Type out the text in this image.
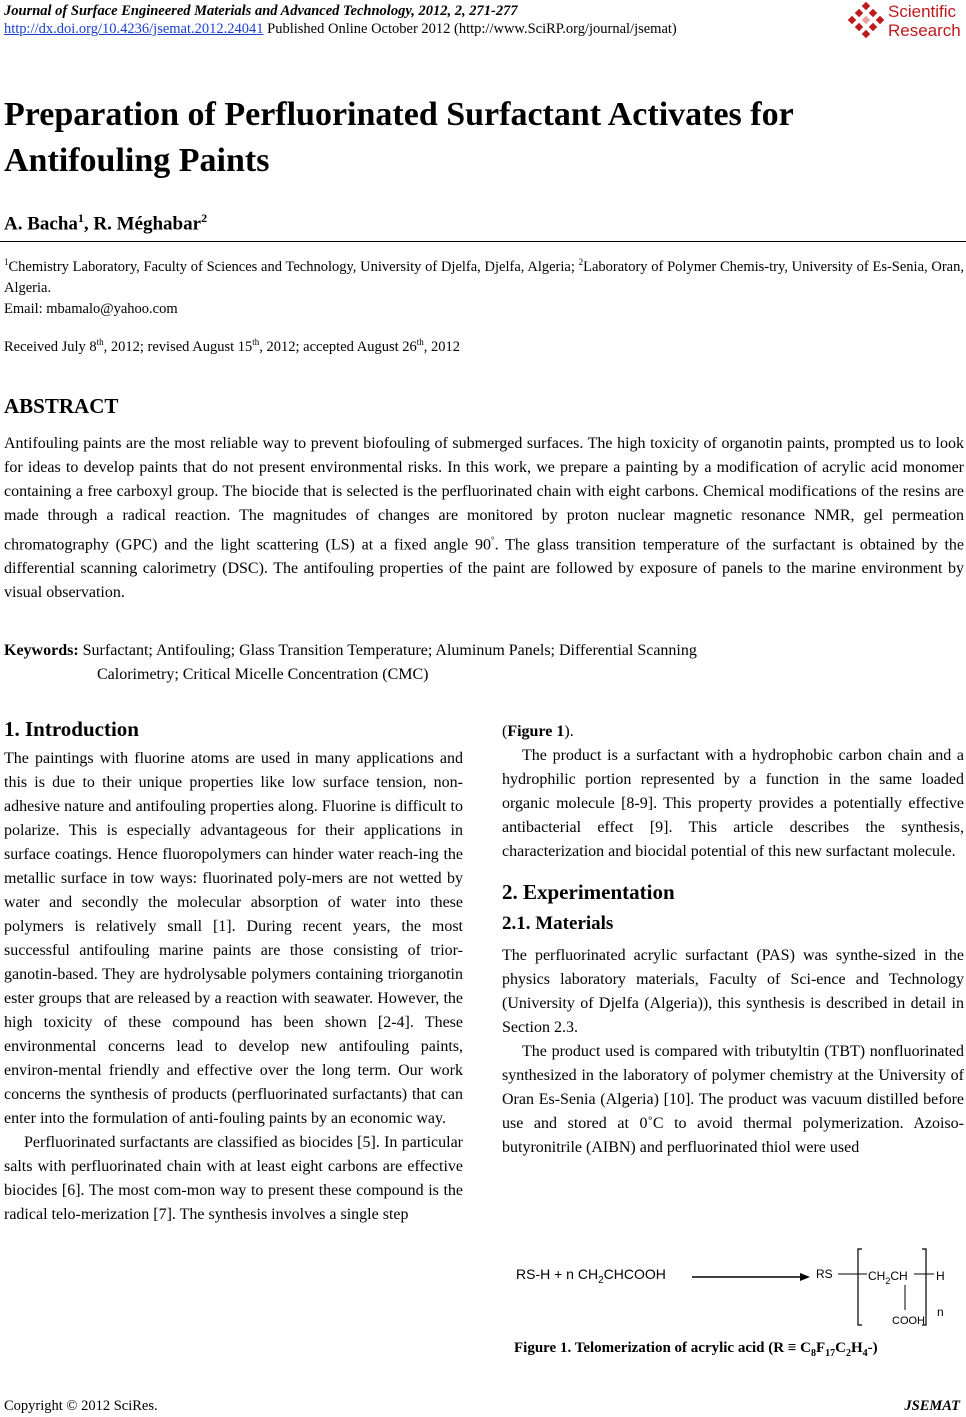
Journal of Surface Engineered Materials and Advanced Technology, 2012, 2, 271-277
http://dx.doi.org/10.4236/jsemat.2012.24041 Published Online October 2012 (http://www.SciRP.org/journal/jsemat)
Scientific
Research
Preparation of Perfluorinated Surfactant Activates for Antifouling Paints
A. Bacha$^1$, R. Méghabar$^2$
$^1$Chemistry Laboratory, Faculty of Sciences and Technology, University of Djelfa, Djelfa, Algeria; $^2$Laboratory of Polymer Chemis-try, University of Es-Senia, Oran, Algeria.
Email: mbamalo@yahoo.com
Received July 8th, 2012; revised August 15th, 2012; accepted August 26th, 2012
ABSTRACT
Antifouling paints are the most reliable way to prevent biofouling of submerged surfaces. The high toxicity of organotin paints, prompted us to look for ideas to develop paints that do not present environmental risks. In this work, we prepare a painting by a modification of acrylic acid monomer containing a free carboxyl group. The biocide that is selected is the perfluorinated chain with eight carbons. Chemical modifications of the resins are made through a radical reaction. The magnitudes of changes are monitored by proton nuclear magnetic resonance NMR, gel permeation chromatography (GPC) and the light scattering (LS) at a fixed angle 90°. The glass transition temperature of the surfactant is obtained by the differential scanning calorimetry (DSC). The antifouling properties of the paint are followed by exposure of panels to the marine environment by visual observation.
Keywords: Surfactant; Antifouling; Glass Transition Temperature; Aluminum Panels; Differential Scanning
Calorimetry; Critical Micelle Concentration (CMC)
1. Introduction

The paintings with fluorine atoms are used in many applications and this is due to their unique properties like low surface tension, non-adhesive nature and antifouling properties along. Fluorine is difficult to polarize. This is especially advantageous for their applications in surface coatings. Hence fluoropolymers can hinder water reach-ing the metallic surface in tow ways: fluorinated poly-mers are not wetted by water and secondly the molecular absorption of water into these polymers is relatively small [1]. During recent years, the most successful antifouling marine paints are those consisting of trior-ganotin-based. They are hydrolysable polymers containing triorganotin ester groups that are released by a reaction with seawater. However, the high toxicity of these compound has been shown [2-4]. These environmental concerns lead to develop new antifouling paints, environ-mental friendly and effective over the long term. Our work concerns the synthesis of products (perfluorinated surfactants) that can enter into the formulation of anti-fouling paints by an economic way.

Perfluorinated surfactants are classified as biocides [5]. In particular salts with perfluorinated chain with at least eight carbons are effective biocides [6]. The most com-mon way to present these compound is the radical telo-merization [7]. The synthesis involves a single step

(Figure 1).

The product is a surfactant with a hydrophobic carbon chain and a hydrophilic portion represented by a function in the same loaded organic molecule [8-9]. This property provides a potentially effective antibacterial effect [9]. This article describes the synthesis, characterization and biocidal potential of this new surfactant molecule.

2. Experimentation
2.1. Materials

The perfluorinated acrylic surfactant (PAS) was synthe-sized in the physics laboratory materials, Faculty of Sci-ence and Technology (University of Djelfa (Algeria)), this synthesis is described in detail in Section 2.3.

The product used is compared with tributyltin (TBT) nonfluorinated synthesized in the laboratory of polymer chemistry at the University of Oran Es-Senia (Algeria) [10]. The product was vacuum distilled before use and stored at 0˚C to avoid thermal polymerization. Azoiso-butyronitrile (AIBN) and perfluorinated thiol were used

RS-H + n $CH_2CHCOOH$	RS	$CH_2CH$ H
COOH
n
Figure 1. Telomerization of acrylic acid $(R \equiv C_8F_{17}C_2H_4-)$
Copyright © 2012 SciRes.	JSEMAT
